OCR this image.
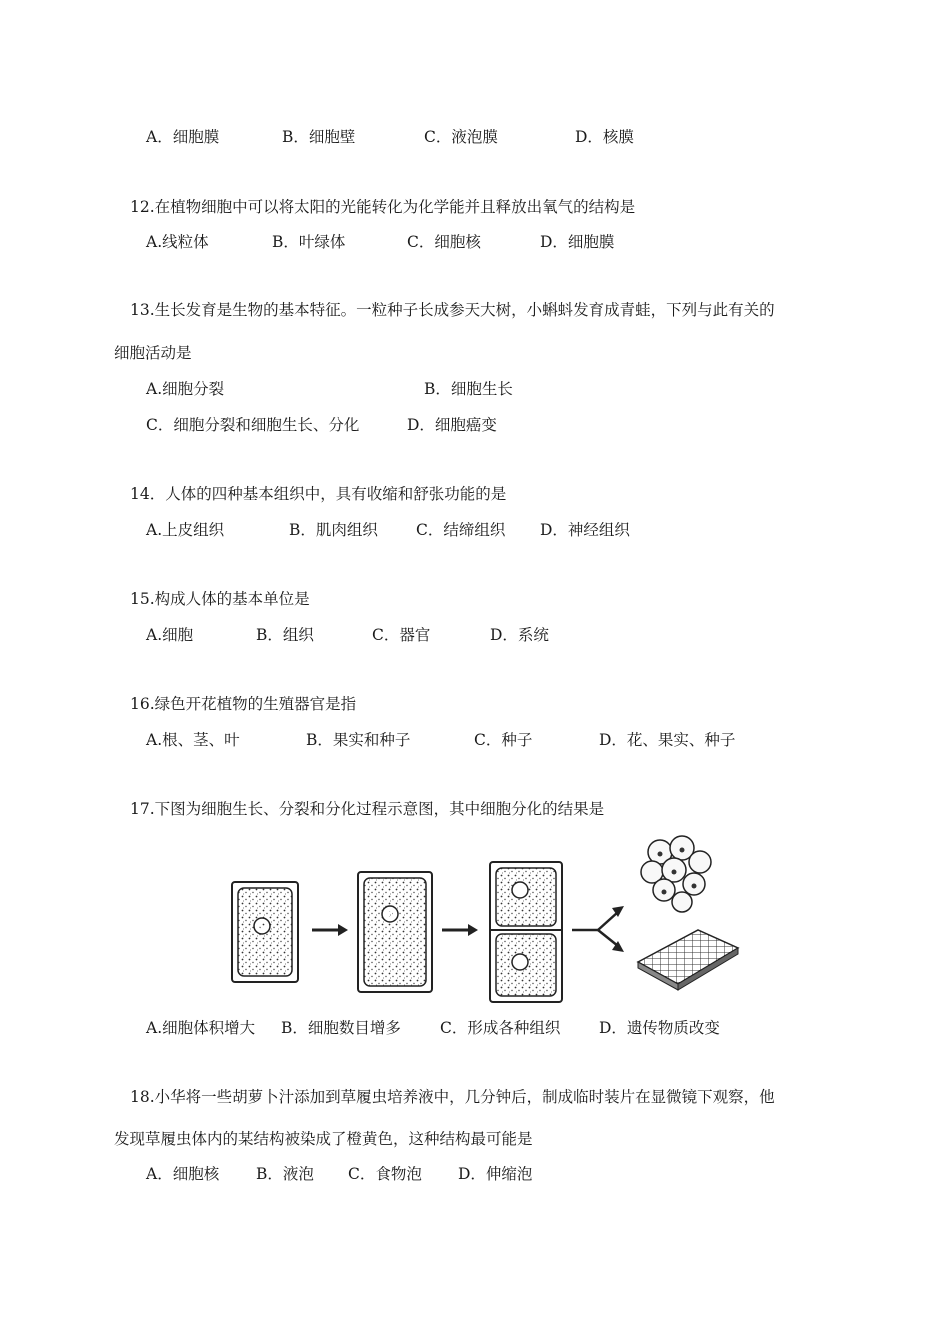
A．细胞膜	B．细胞壁	C．液泡膜	D．核膜
12.在植物细胞中可以将太阳的光能转化为化学能并且释放出氧气的结构是
A.线粒体	B．叶绿体	C．细胞核	D．细胞膜
13.生长发育是生物的基本特征。一粒种子长成参天大树，小蝌蚪发育成青蛙，下列与此有关的
细胞活动是
A.细胞分裂	B．细胞生长
C．细胞分裂和细胞生长、分化	D．细胞癌变
14．人体的四种基本组织中，具有收缩和舒张功能的是
A.上皮组织	B．肌肉组织 C．结缔组织 D．神经组织
15.构成人体的基本单位是
A.细胞	B．组织	C．器官	D．系统
16.绿色开花植物的生殖器官是指
A.根、茎、叶	B．果实和种子	C．种子	D．花、果实、种子
17.下图为细胞生长、分裂和分化过程示意图，其中细胞分化的结果是
A.细胞体积增大 B．细胞数目增多	C．形成各种组织 D．遗传物质改变
18.小华将一些胡萝卜汁添加到草履虫培养液中，几分钟后，制成临时装片在显微镜下观察，他
发现草履虫体内的某结构被染成了橙黄色，这种结构最可能是
A．细胞核 B．液泡 C．食物泡 D．伸缩泡
